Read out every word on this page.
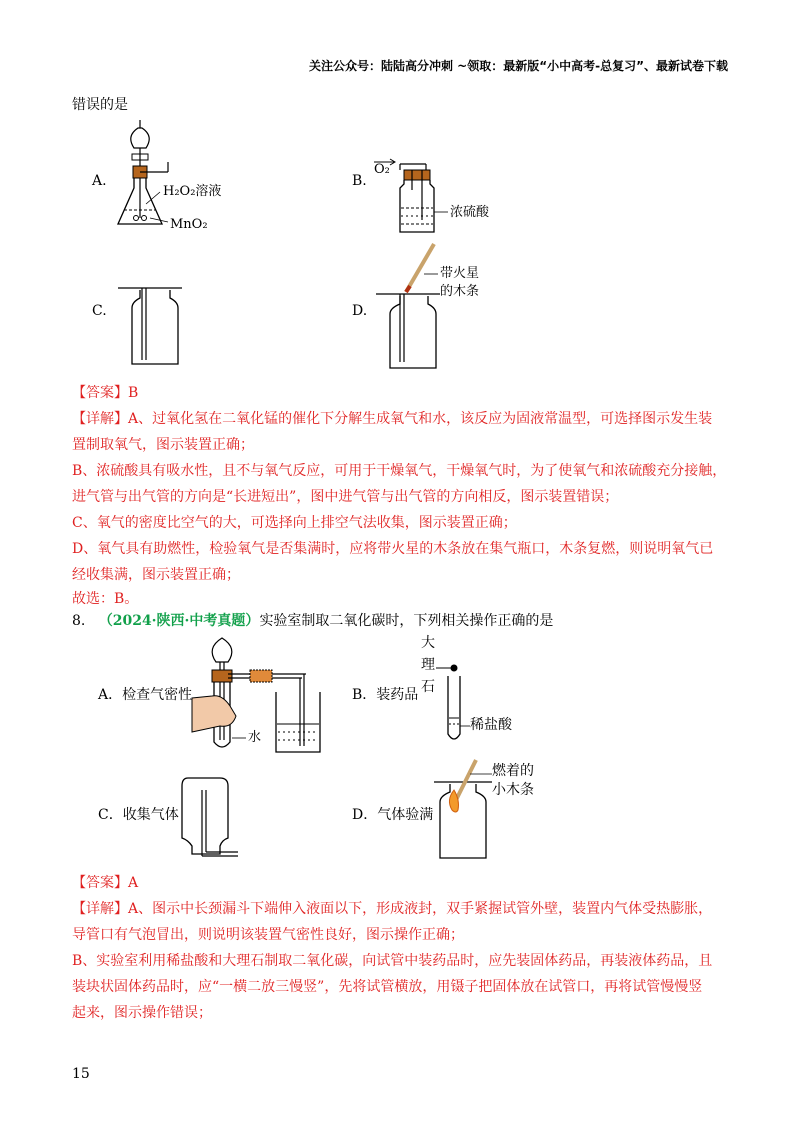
关注公众号：陆陆高分冲刺 ~领取：最新版“小中高考-总复习”、最新试卷下载
错误的是
A.
H₂O₂溶液
MnO₂
B.
O₂
浓硫酸
C.	D.
带火星
的木条
【答案】B
【详解】A、过氧化氢在二氧化锰的催化下分解生成氧气和水，该反应为固液常温型，可选择图示发生装
置制取氧气，图示装置正确；
B、浓硫酸具有吸水性，且不与氧气反应，可用于干燥氧气，干燥氧气时，为了使氧气和浓硫酸充分接触，
进气管与出气管的方向是“长进短出”，图中进气管与出气管的方向相反，图示装置错误；
C、氧气的密度比空气的大，可选择向上排空气法收集，图示装置正确；
D、氧气具有助燃性，检验氧气是否集满时，应将带火星的木条放在集气瓶口，木条复燃，则说明氧气已
经收集满，图示装置正确；
故选：B。
8. （2024·陕西·中考真题）实验室制取二氧化碳时，下列相关操作正确的是
A．检查气密性
水
B．装药品
大
理
石
稀盐酸
C．收集气体	D．气体验满
燃着的
小木条
【答案】A
【详解】A、图示中长颈漏斗下端伸入液面以下，形成液封，双手紧握试管外壁，装置内气体受热膨胀，
导管口有气泡冒出，则说明该装置气密性良好，图示操作正确；
B、实验室利用稀盐酸和大理石制取二氧化碳，向试管中装药品时，应先装固体药品，再装液体药品，且
装块状固体药品时，应“一横二放三慢竖”，先将试管横放，用镊子把固体放在试管口，再将试管慢慢竖
起来，图示操作错误；
15
